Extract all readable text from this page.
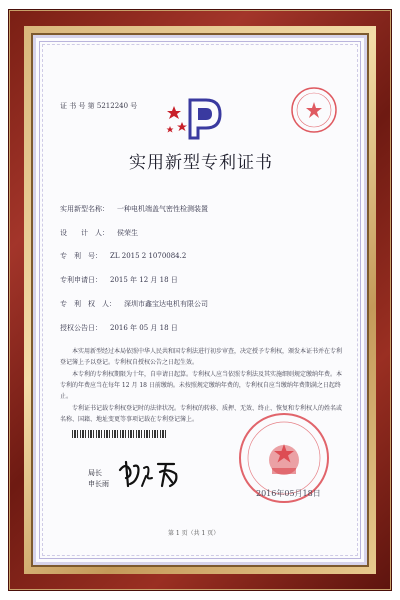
证 书 号 第 5212240 号
实用新型专利证书
实用新型名称： 一种电机端盖气密性检测装置
设　　计　人： 侯荣生
专　利　号： ZL 2015 2 1070084.2
专利申请日： 2015 年 12 月 18 日
专　利　权　人： 深圳市鑫宝达电机有限公司
授权公告日： 2016 年 05 月 18 日

本实用新型经过本局依照中华人民共和国专利法进行初步审查，决定授予专利权，颁发本证书并在专利登记簿上予以登记。专利权自授权公告之日起生效。

本专利的专利权期限为十年，自申请日起算。专利权人应当依照专利法及其实施细则规定缴纳年费。本专利的年费应当在每年 12 月 18 日前缴纳。未按照规定缴纳年费的，专利权自应当缴纳年费期满之日起终止。

专利证书记载专利权登记时的法律状况。专利权的转移、质押、无效、终止、恢复和专利权人的姓名或名称、国籍、地址变更等事项记载在专利登记簿上。

局长
申长雨
2016年05月18日
第 1 页（共 1 页）
